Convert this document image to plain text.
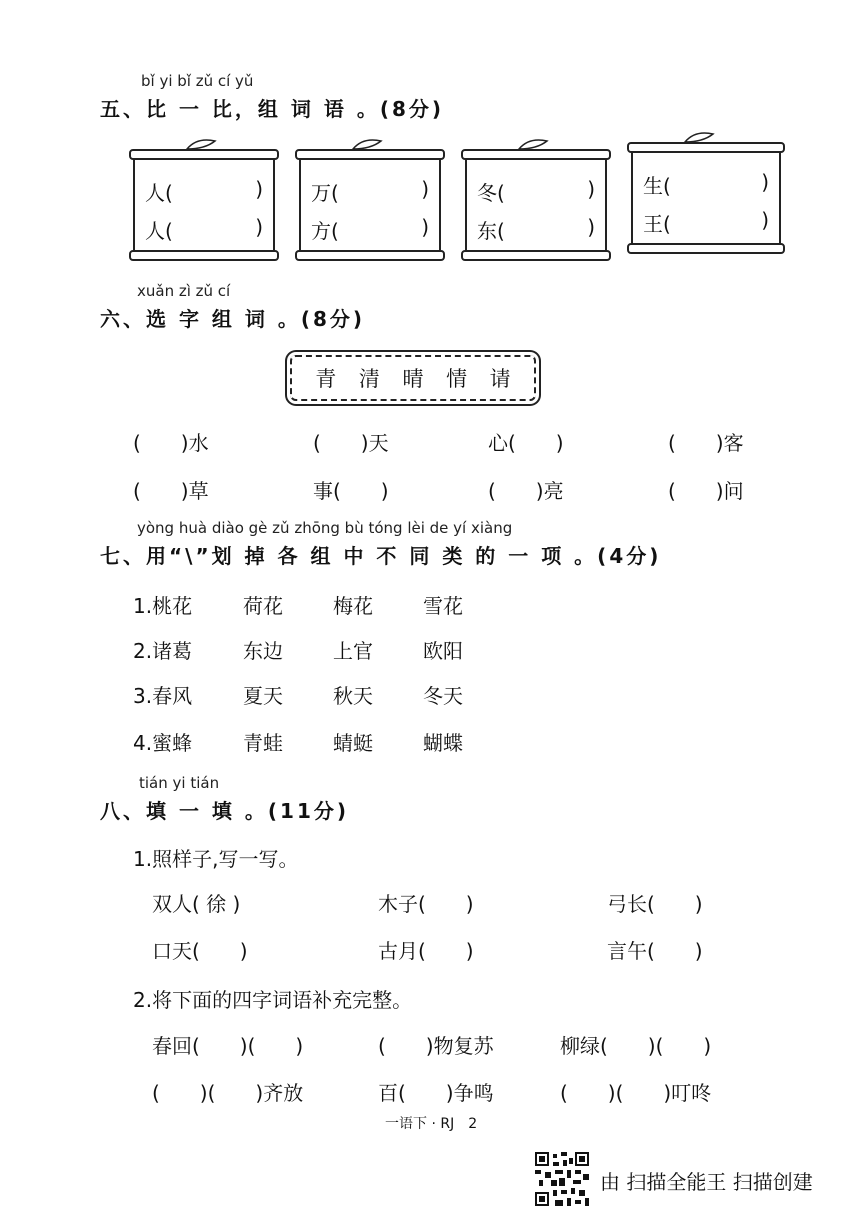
bǐ yi bǐ zǔ cí yǔ
五、比 一 比，组 词 语 。(8分)
人(	)
人(	)
万(	)
方(	)
冬(	)
东(	)
生(	)
王(	)
xuǎn zì zǔ cí
六、选 字 组 词 。(8分)
青 清 晴 情 请
(　　)水	(　　)天	心(　　)	(　　)客
(　　)草	事(　　)	(　　)亮	(　　)问
yòng huà diào gè zǔ zhōng bù tóng lèi de yí xiàng
七、用“\”划 掉 各 组 中 不 同 类 的 一 项 。(4分)
1.桃花	荷花	梅花	雪花
2.诸葛	东边	上官	欧阳
3.春风	夏天	秋天	冬天
4.蜜蜂	青蛙	蜻蜓	蝴蝶
tián yi tián
八、填 一 填 。(11分)
1.照样子,写一写。
双人( 徐 )	木子(　　)	弓长(　　)
口天(　　)	古月(　　)	言午(　　)
2.将下面的四字词语补充完整。
春回(　　)(　　)	(　　)物复苏	柳绿(　　)(　　)
(　　)(　　)齐放	百(　　)争鸣	(　　)(　　)叮咚
一语下 · RJ　2
由 扫描全能王 扫描创建
